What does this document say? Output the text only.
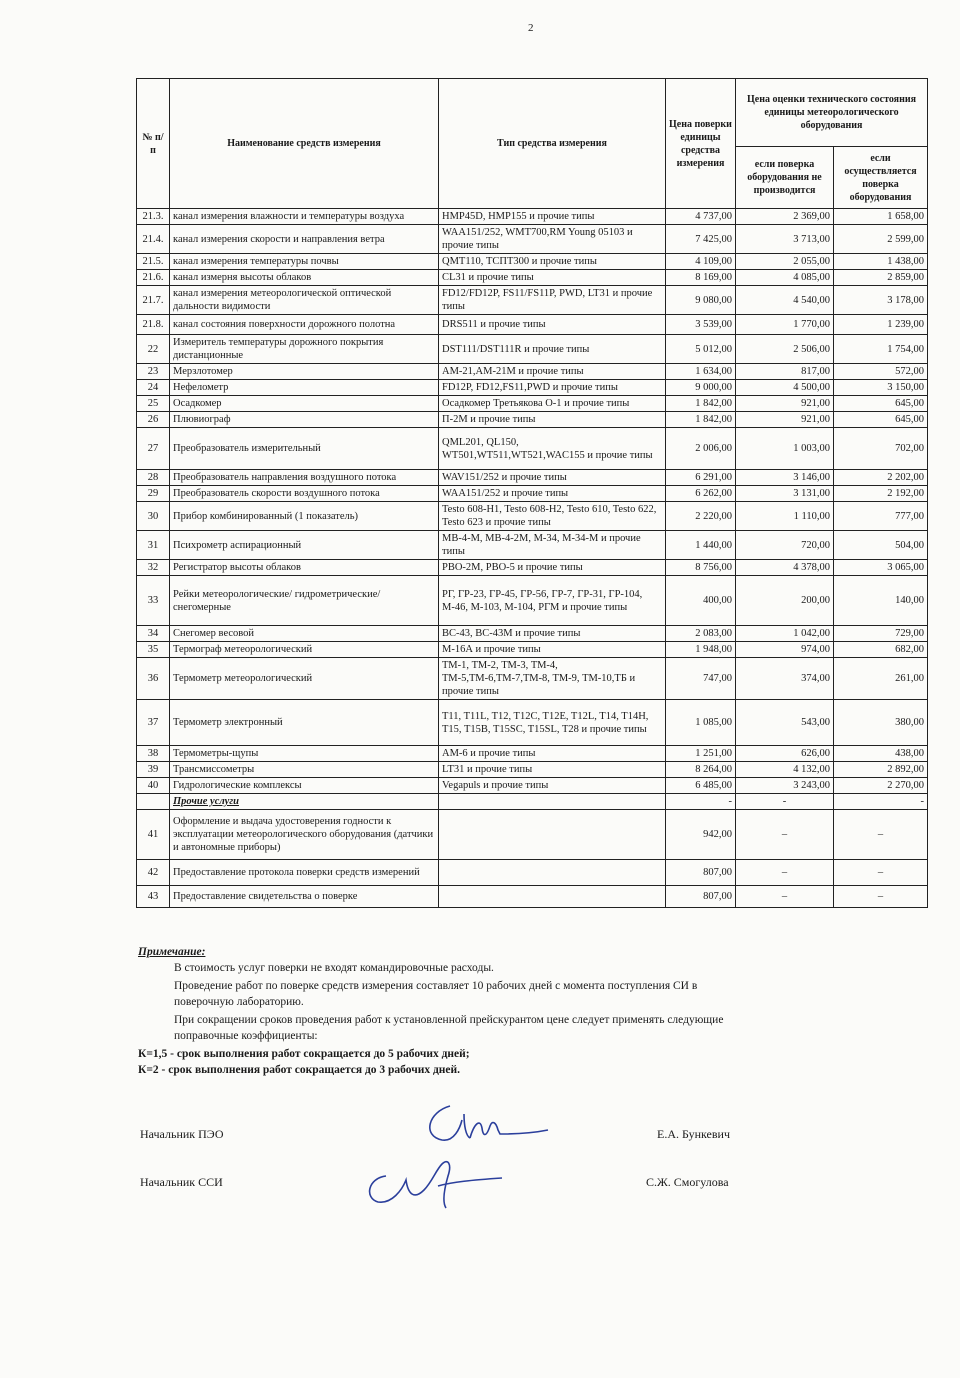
2
№ п/п	Наименование средств измерения	Тип средства измерения	Цена поверки единицы средства измерения	Цена оценки технического состояния единицы метеорологического оборудования	
				если поверка оборудования не производится	если осуществляется поверка оборудования
21.3.	канал измерения влажности и температуры воздуха	HMP45D, HMP155 и прочие типы	4 737,00	2 369,00	1 658,00
21.4.	канал измерения скорости и направления ветра	WAA151/252, WMT700,RM Young 05103 и прочие типы	7 425,00	3 713,00	2 599,00
21.5.	канал измерения температуры почвы	QMT110, ТСПТ300 и прочие типы	4 109,00	2 055,00	1 438,00
21.6.	канал измерня высоты облаков	CL31 и прочие типы	8 169,00	4 085,00	2 859,00
21.7.	канал измерения метеорологической оптической дальности видимости	FD12/FD12P, FS11/FS11P, PWD, LT31 и прочие типы	9 080,00	4 540,00	3 178,00
21.8.	канал состояния поверхности дорожного полотна	DRS511 и прочие типы	3 539,00	1 770,00	1 239,00
22	Измеритель температуры дорожного покрытия дистанционные	DST111/DST111R и прочие типы	5 012,00	2 506,00	1 754,00
23	Мерзлотомер	АМ-21,АМ-21М и прочие типы	1 634,00	817,00	572,00
24	Нефелометр	FD12P, FD12,FS11,PWD и прочие типы	9 000,00	4 500,00	3 150,00
25	Осадкомер	Осадкомер Третьякова О-1 и прочие типы	1 842,00	921,00	645,00
26	Плювиограф	П-2М и прочие типы	1 842,00	921,00	645,00
27	Преобразователь измерительный	QML201, QL150, WT501,WT511,WT521,WAC155 и прочие типы	2 006,00	1 003,00	702,00
28	Преобразователь направления воздушного потока	WAV151/252 и прочие типы	6 291,00	3 146,00	2 202,00
29	Преобразователь скорости воздушного потока	WAA151/252 и прочие типы	6 262,00	3 131,00	2 192,00
30	Прибор комбинированный (1 показатель)	Testo 608-H1, Testo 608-H2, Testo 610, Testo 622, Testo 623 и прочие типы	2 220,00	1 110,00	777,00
31	Психрометр аспирационный	МВ-4-М, МВ-4-2М, М-34, М-34-М и прочие типы	1 440,00	720,00	504,00
32	Регистратор высоты облаков	РВО-2М, РВО-5 и прочие типы	8 756,00	4 378,00	3 065,00
33	Рейки метеорологические/ гидрометрические/ снегомерные	РГ, ГР-23, ГР-45, ГР-56, ГР-7, ГР-31, ГР-104, М-46, М-103, М-104, РГМ и прочие типы	400,00	200,00	140,00
34	Снегомер весовой	ВС-43, ВС-43М и прочие типы	2 083,00	1 042,00	729,00
35	Термограф метеорологический	М-16А и прочие типы	1 948,00	974,00	682,00
36	Термометр метеорологический	ТМ-1, ТМ-2, ТМ-3, ТМ-4, ТМ-5,ТМ-6,ТМ-7,ТМ-8, ТМ-9, ТМ-10,ТБ и прочие типы	747,00	374,00	261,00
37	Термометр электронный	T11, T11L, T12, T12C, T12E, T12L, T14, T14H, T15, T15B, T15SC, T15SL, T28 и прочие типы	1 085,00	543,00	380,00
38	Термометры-щупы	АМ-6 и прочие типы	1 251,00	626,00	438,00
39	Трансмиссометры	LT31 и прочие типы	8 264,00	4 132,00	2 892,00
40	Гидрологические комплексы	Vegapuls и прочие типы	6 485,00	3 243,00	2 270,00
	Прочие услуги		-	-	-
41	Оформление и выдача удостоверения годности к эксплуатации метеорологического оборудования (датчики и автономные приборы)		942,00	–	–
42	Предоставление протокола поверки средств измерений		807,00	–	–
43	Предоставление свидетельства о поверке		807,00	–	–
Примечание:

В стоимость услуг поверки не входят командировочные расходы.

Проведение работ по поверке средств измерения составляет 10 рабочих дней с момента поступления СИ в поверочную лабораторию.

При сокращении сроков проведения работ к установленной прейскурантом цене следует применять следующие поправочные коэффициенты:

К=1,5 - срок выполнения работ сокращается до 5 рабочих дней;

К=2 - срок выполнения работ сокращается до 3 рабочих дней.

Начальник ПЭО	Е.А. Бункевич
Начальник ССИ	С.Ж. Смогулова
